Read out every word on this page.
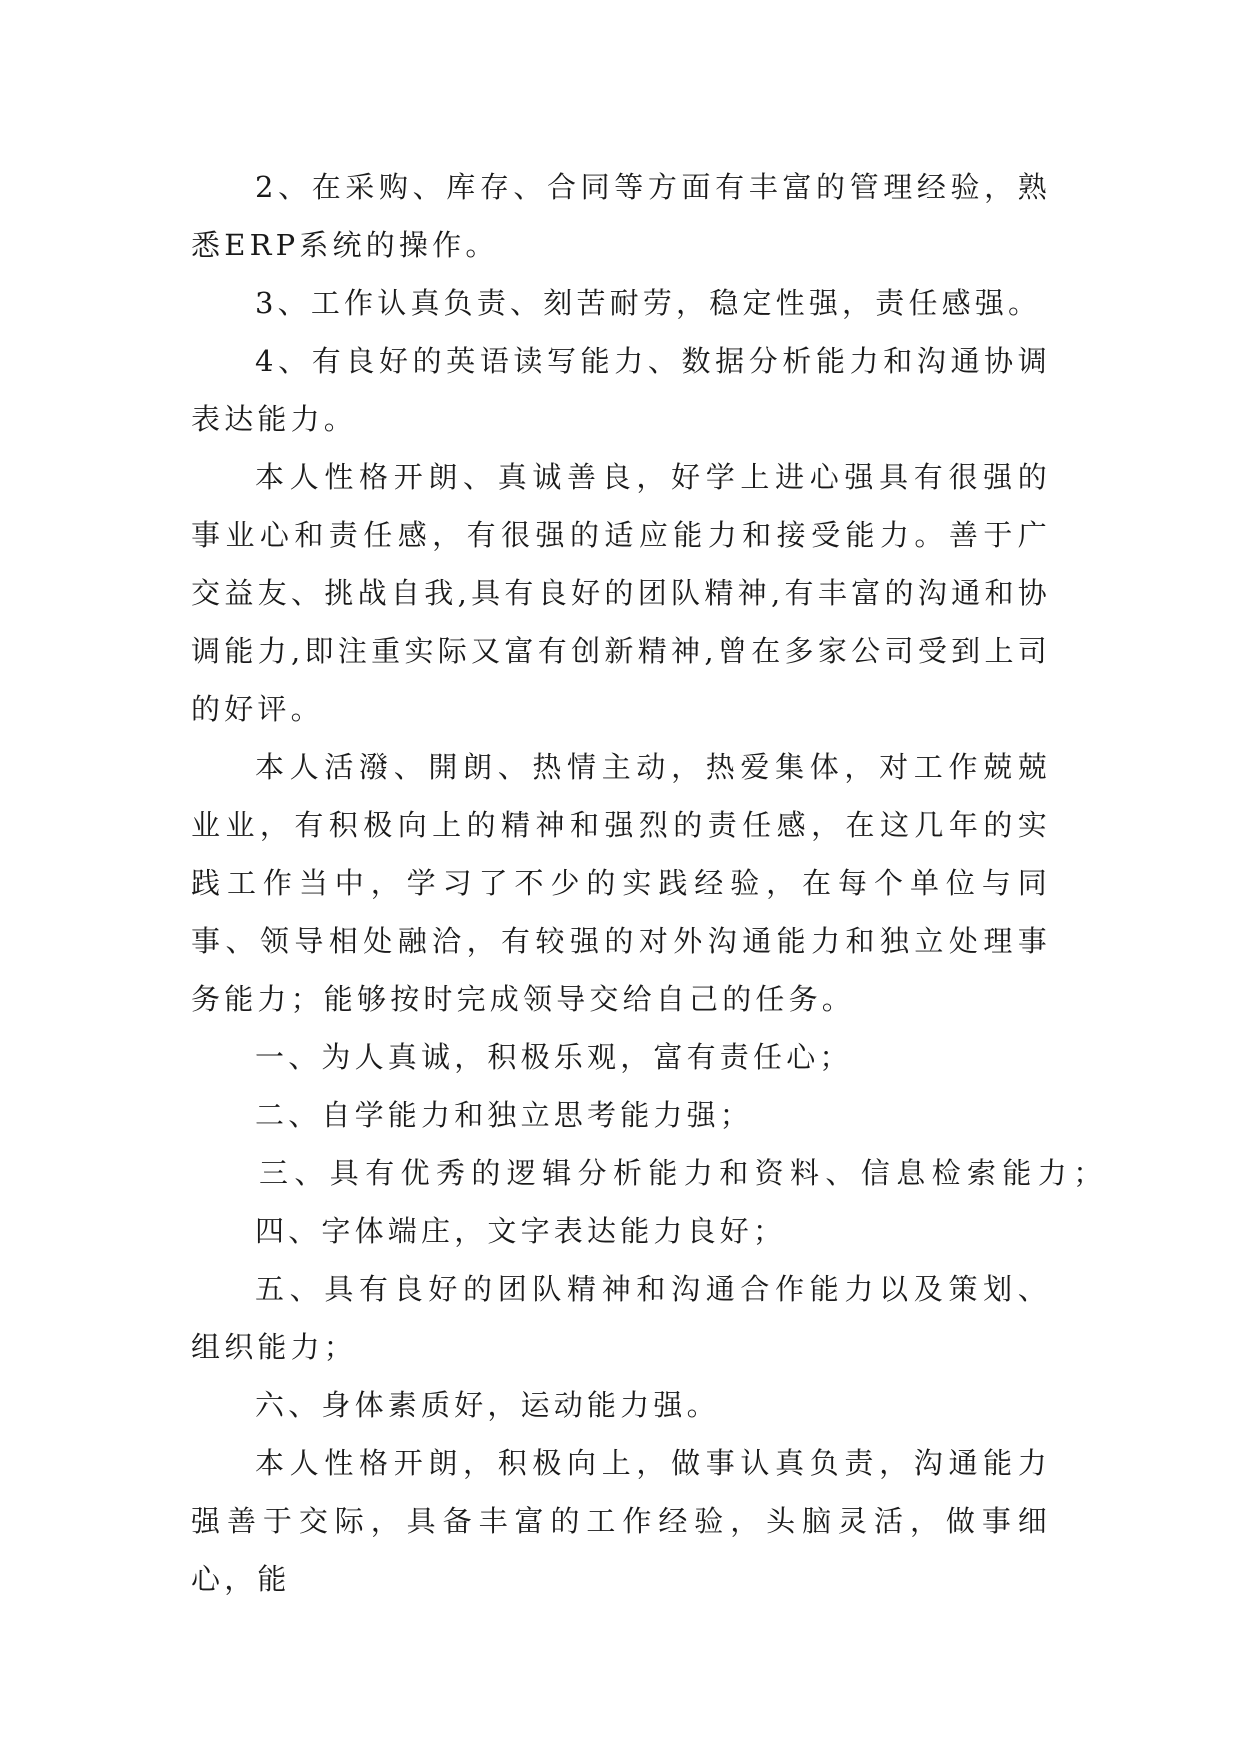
2、在采购、库存、合同等方面有丰富的管理经验，熟悉ERP系统的操作。

3、工作认真负责、刻苦耐劳，稳定性强，责任感强。

4、有良好的英语读写能力、数据分析能力和沟通协调表达能力。

本人性格开朗、真诚善良，好学上进心强具有很强的事业心和责任感，有很强的适应能力和接受能力。善于广交益友、挑战自我,具有良好的团队精神,有丰富的沟通和协调能力,即注重实际又富有创新精神,曾在多家公司受到上司的好评。

本人活潑、開朗、热情主动，热爱集体，对工作兢兢业业，有积极向上的精神和强烈的责任感，在这几年的实践工作当中，学习了不少的实践经验，在每个单位与同事、领导相处融洽，有较强的对外沟通能力和独立处理事务能力；能够按时完成领导交给自己的任务。

一、为人真诚，积极乐观，富有责任心；

二、自学能力和独立思考能力强；

三、具有优秀的逻辑分析能力和资料、信息检索能力；

四、字体端庄，文字表达能力良好；

五、具有良好的团队精神和沟通合作能力以及策划、组织能力；

六、身体素质好，运动能力强。

本人性格开朗，积极向上，做事认真负责，沟通能力强善于交际，具备丰富的工作经验，头脑灵活，做事细心，能
